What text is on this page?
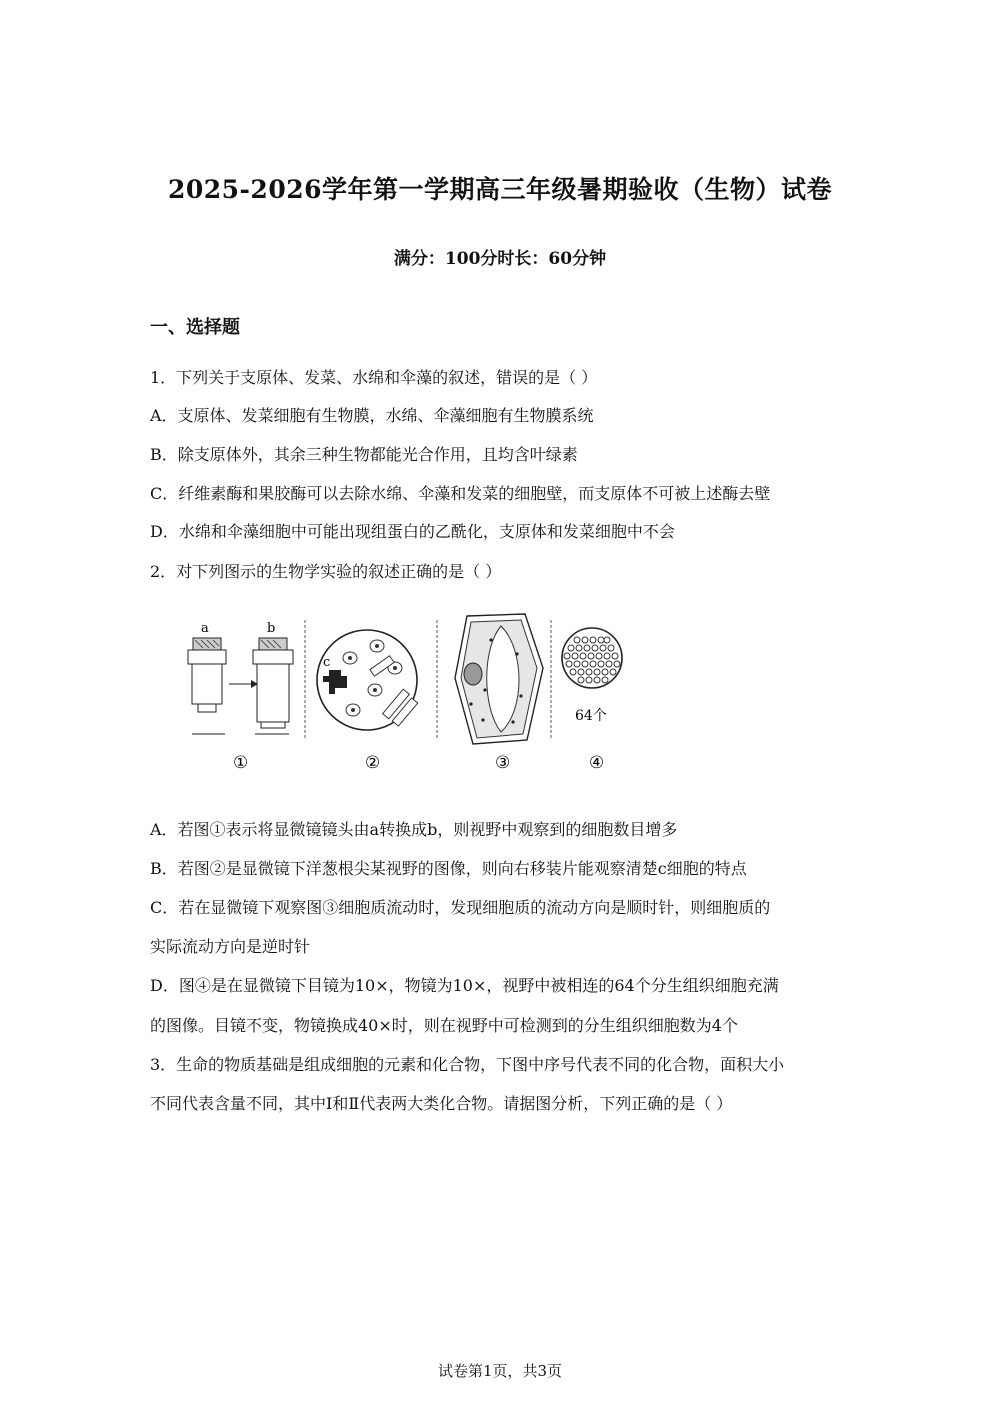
2025-2026学年第一学期高三年级暑期验收（生物）试卷
满分：100分时长：60分钟
一、选择题
1．下列关于支原体、发菜、水绵和伞藻的叙述，错误的是（ ）
A．支原体、发菜细胞有生物膜，水绵、伞藻细胞有生物膜系统
B．除支原体外，其余三种生物都能光合作用，且均含叶绿素
C．纤维素酶和果胶酶可以去除水绵、伞藻和发菜的细胞壁，而支原体不可被上述酶去壁
D．水绵和伞藻细胞中可能出现组蛋白的乙酰化，支原体和发菜细胞中不会
2．对下列图示的生物学实验的叙述正确的是（ ）
a	b
c
64个
①	②	③	④
A．若图①表示将显微镜镜头由a转换成b，则视野中观察到的细胞数目增多
B．若图②是显微镜下洋葱根尖某视野的图像，则向右移装片能观察清楚c细胞的特点
C．若在显微镜下观察图③细胞质流动时，发现细胞质的流动方向是顺时针，则细胞质的
实际流动方向是逆时针
D．图④是在显微镜下目镜为10×，物镜为10×，视野中被相连的64个分生组织细胞充满
的图像。目镜不变，物镜换成40×时，则在视野中可检测到的分生组织细胞数为4个
3．生命的物质基础是组成细胞的元素和化合物，下图中序号代表不同的化合物，面积大小
不同代表含量不同，其中Ⅰ和Ⅱ代表两大类化合物。请据图分析，下列正确的是（ ）
试卷第1页，共3页
